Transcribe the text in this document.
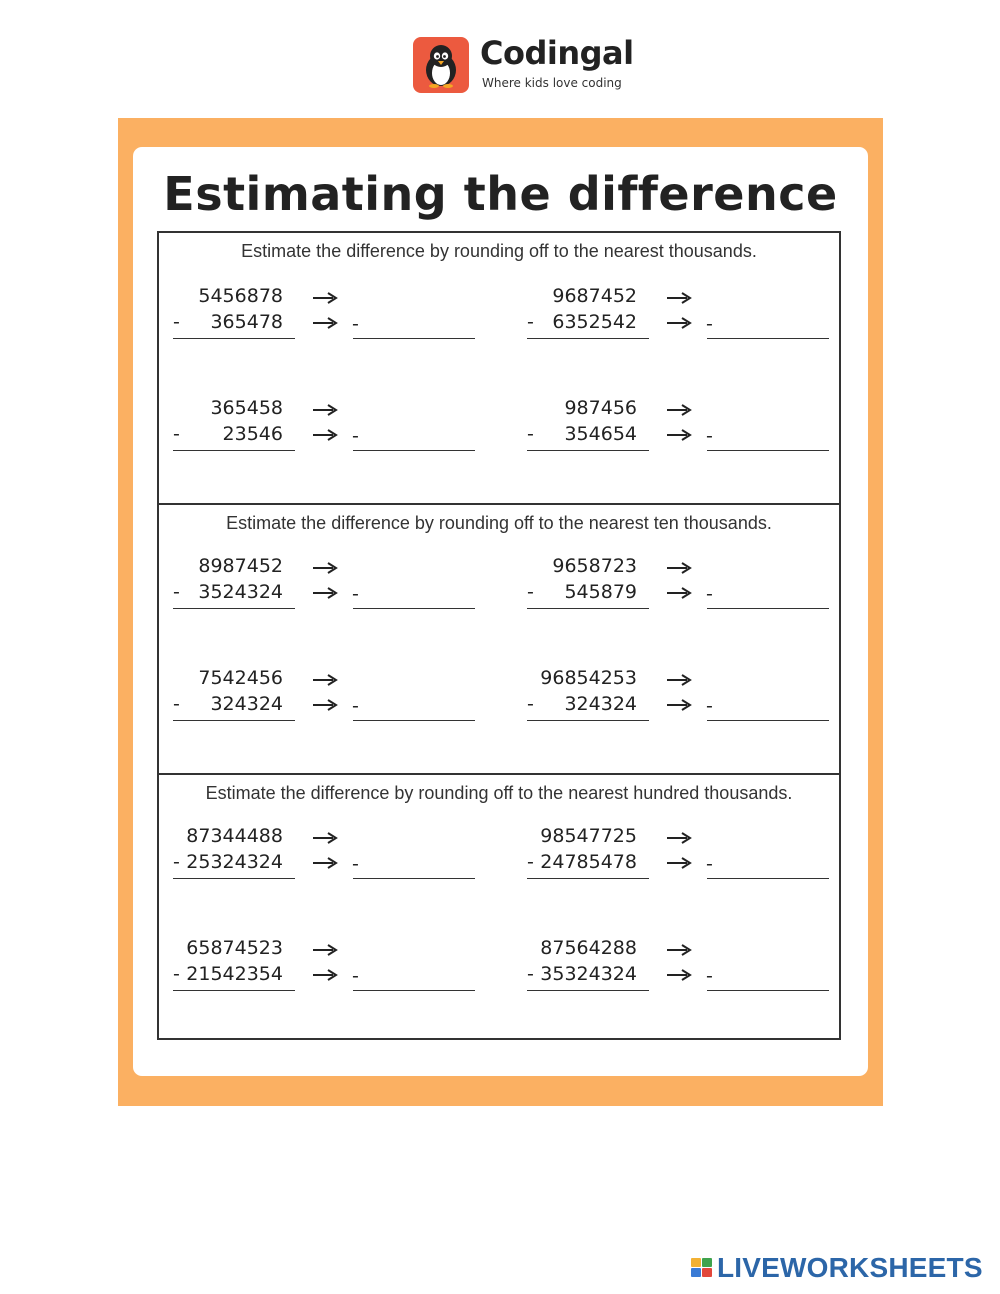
Codingal
Where kids love coding
Estimating the difference
Estimate the difference by rounding off to the nearest thousands.
5456878
- 365478	-
9687452
- 6352542	-
365458
- 23546	-
987456
- 354654	-
Estimate the difference by rounding off to the nearest ten thousands.
8987452
- 3524324	-
9658723
- 545879	-
7542456
- 324324	-
96854253
- 324324	-
Estimate the difference by rounding off to the nearest hundred thousands.
87344488
- 25324324	-
98547725
- 24785478	-
65874523
- 21542354	-
87564288
- 35324324	-
LIVEWORKSHEETS
